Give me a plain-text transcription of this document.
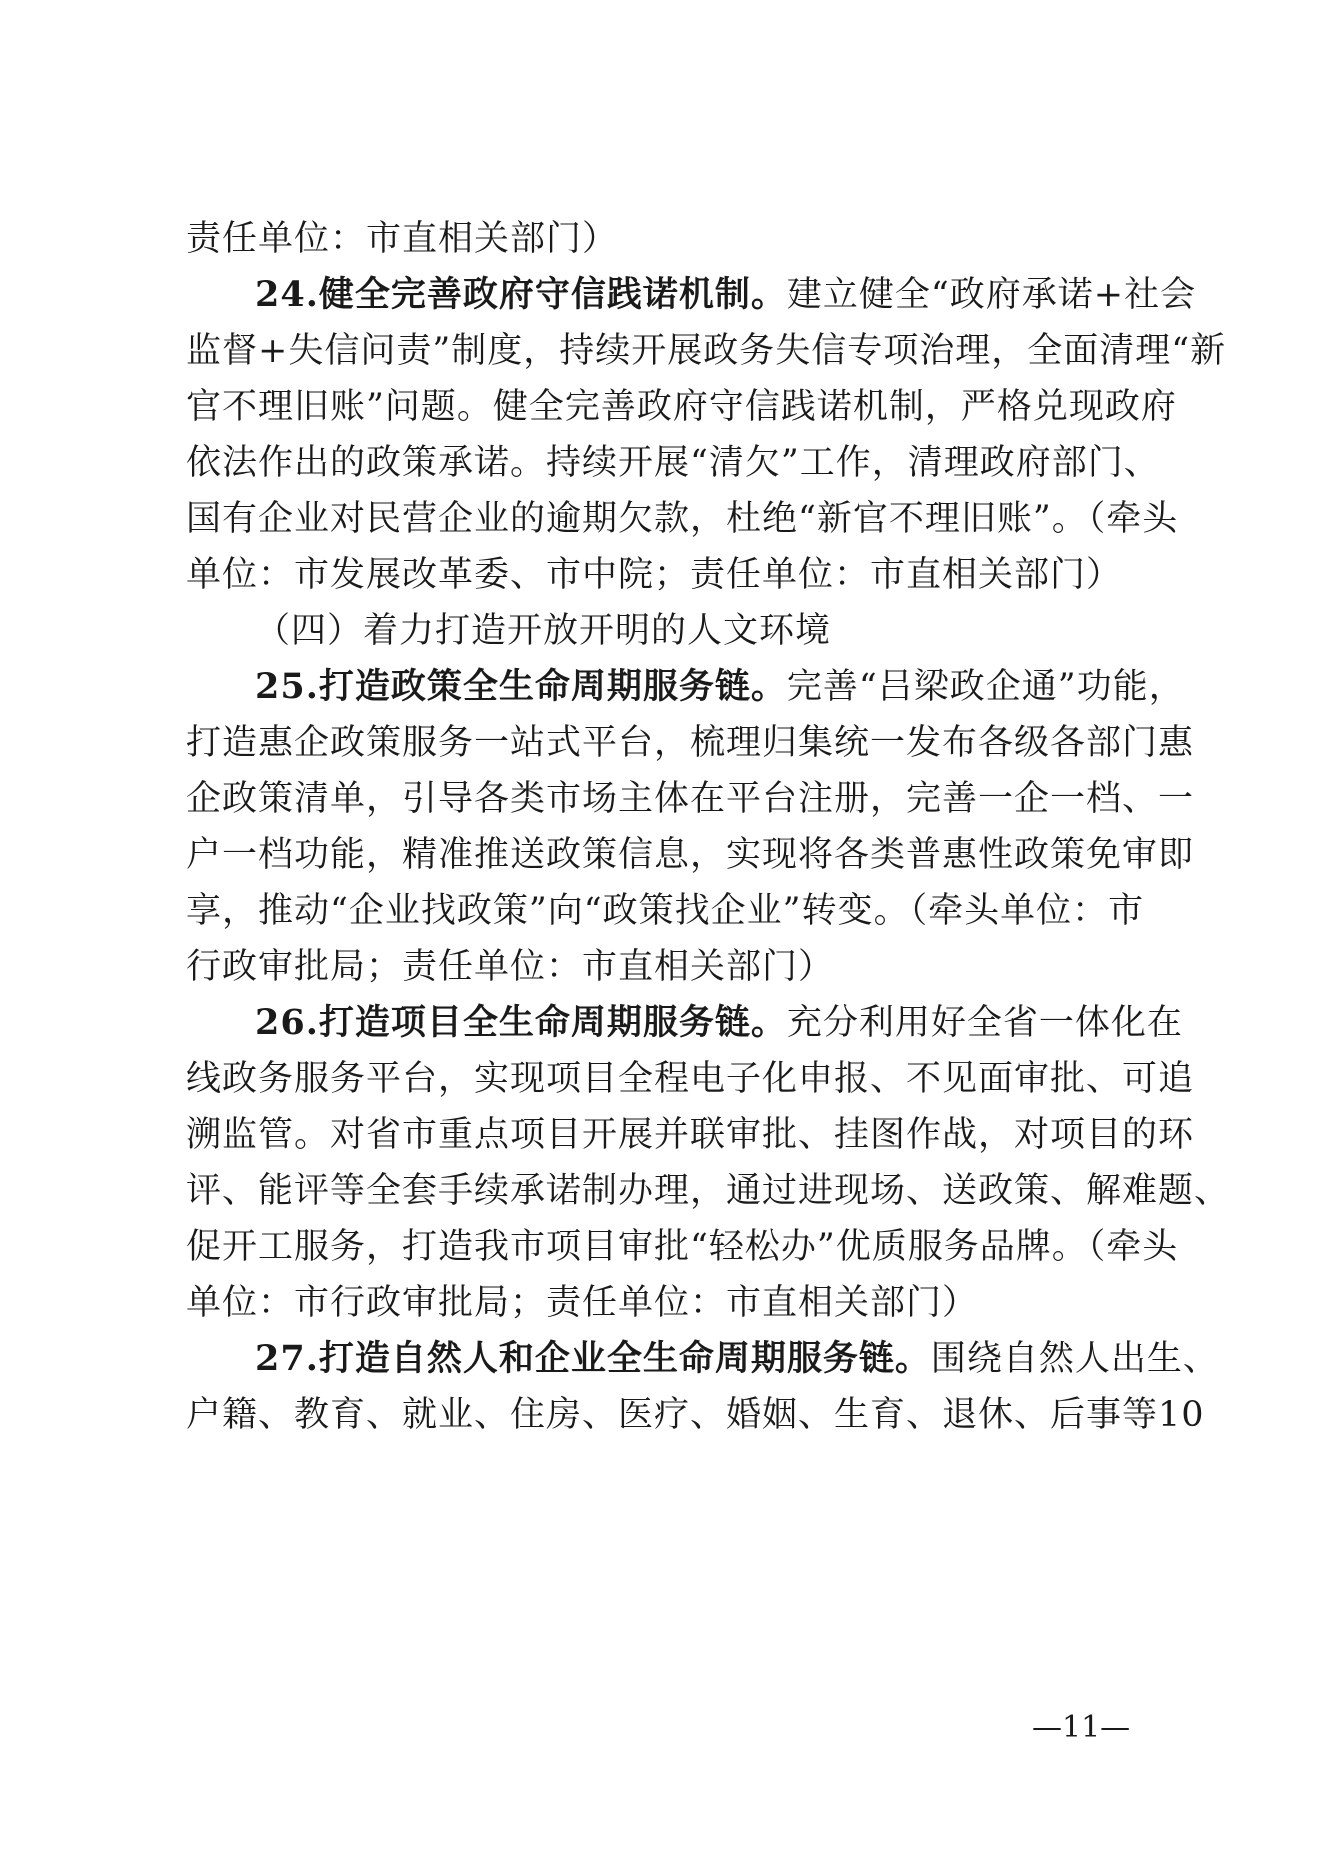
责任单位：市直相关部门）
24.健全完善政府守信践诺机制。建立健全“政府承诺+社会
监督+失信问责”制度，持续开展政务失信专项治理，全面清理“新
官不理旧账”问题。健全完善政府守信践诺机制，严格兑现政府
依法作出的政策承诺。持续开展“清欠”工作，清理政府部门、
国有企业对民营企业的逾期欠款，杜绝“新官不理旧账”。（牵头
单位：市发展改革委、市中院；责任单位：市直相关部门）
（四）着力打造开放开明的人文环境
25.打造政策全生命周期服务链。完善“吕梁政企通”功能，
打造惠企政策服务一站式平台，梳理归集统一发布各级各部门惠
企政策清单，引导各类市场主体在平台注册，完善一企一档、一
户一档功能，精准推送政策信息，实现将各类普惠性政策免审即
享，推动“企业找政策”向“政策找企业”转变。（牵头单位：市
行政审批局；责任单位：市直相关部门）
26.打造项目全生命周期服务链。充分利用好全省一体化在
线政务服务平台，实现项目全程电子化申报、不见面审批、可追
溯监管。对省市重点项目开展并联审批、挂图作战，对项目的环
评、能评等全套手续承诺制办理，通过进现场、送政策、解难题、
促开工服务，打造我市项目审批“轻松办”优质服务品牌。（牵头
单位：市行政审批局；责任单位：市直相关部门）
27.打造自然人和企业全生命周期服务链。围绕自然人出生、
户籍、教育、就业、住房、医疗、婚姻、生育、退休、后事等10
—11—
